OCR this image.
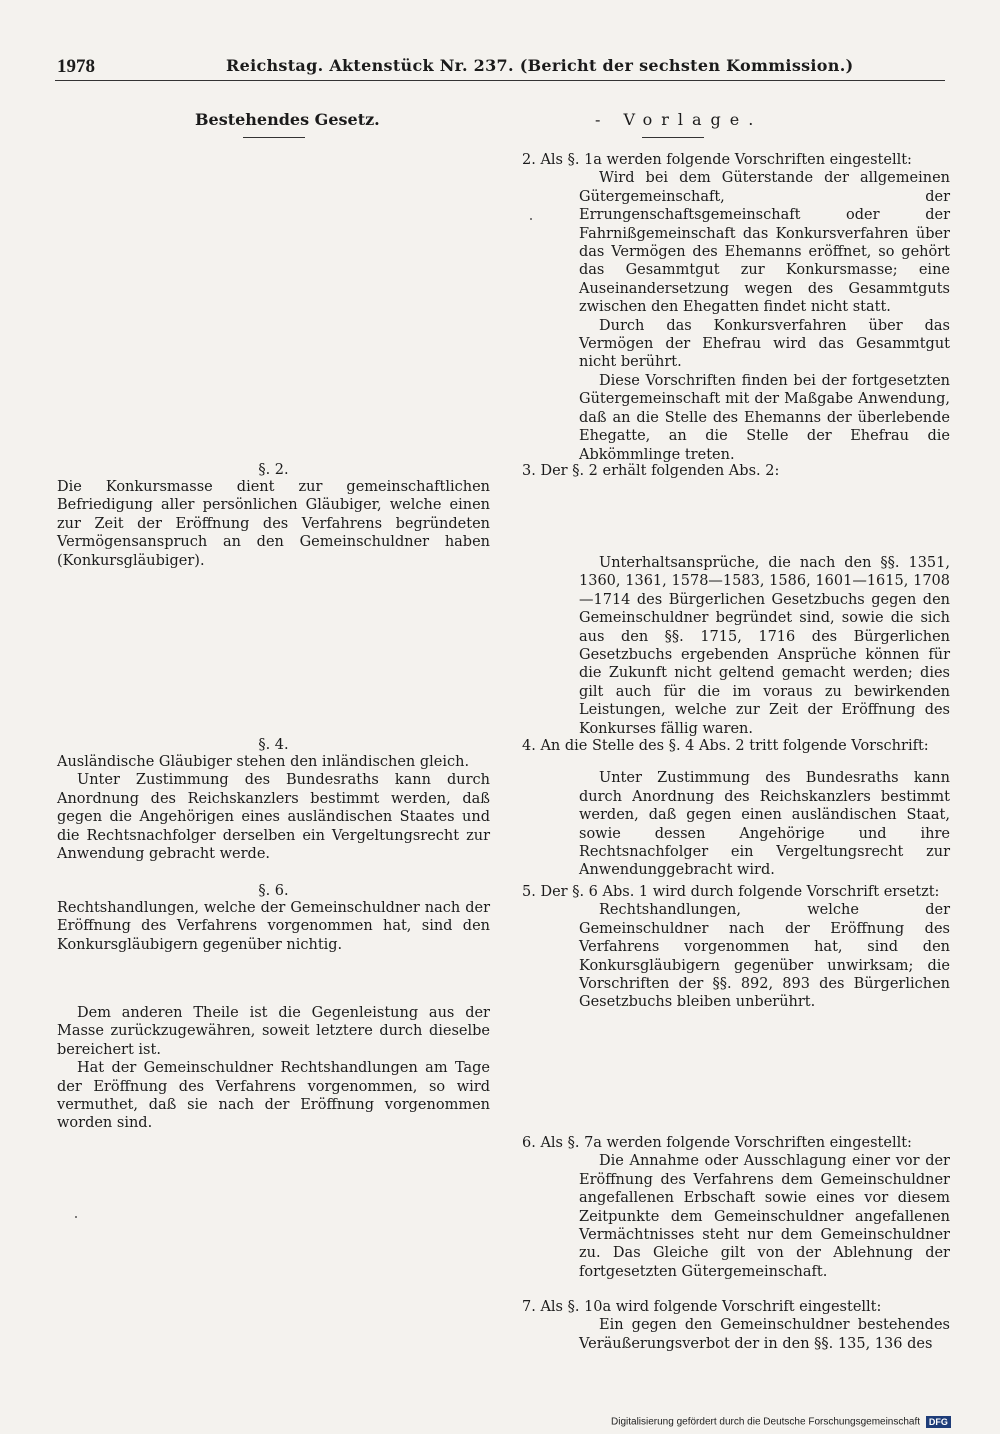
1978	Reichstag. Aktenstück Nr. 237. (Bericht der sechsten Kommission.)
Bestehendes Gesetz.	- Vorlage.
§. 2.

Die Konkursmasse dient zur gemeinschaftlichen Befriedigung aller persönlichen Gläubiger, welche einen zur Zeit der Eröffnung des Verfahrens begründeten Vermögensanspruch an den Gemeinschuldner haben (Konkursgläubiger).

§. 4.

Ausländische Gläubiger stehen den inländischen gleich.

Unter Zustimmung des Bundesraths kann durch Anordnung des Reichskanzlers bestimmt werden, daß gegen die Angehörigen eines ausländischen Staates und die Rechtsnachfolger derselben ein Vergeltungsrecht zur Anwendung gebracht werde.

§. 6.

Rechtshandlungen, welche der Gemeinschuldner nach der Eröffnung des Verfahrens vorgenommen hat, sind den Konkursgläubigern gegenüber nichtig.

Dem anderen Theile ist die Gegenleistung aus der Masse zurückzugewähren, soweit letztere durch dieselbe bereichert ist.

Hat der Gemeinschuldner Rechtshandlungen am Tage der Eröffnung des Verfahrens vorgenommen, so wird vermuthet, daß sie nach der Eröffnung vorgenommen worden sind.

2. Als §. 1a werden folgende Vorschriften eingestellt:

Wird bei dem Güterstande der allgemeinen Gütergemeinschaft, der Errungenschaftsgemeinschaft oder der Fahrnißgemeinschaft das Konkursverfahren über das Vermögen des Ehemanns eröffnet, so gehört das Gesammtgut zur Konkursmasse; eine Auseinandersetzung wegen des Gesammtguts zwischen den Ehegatten findet nicht statt.

Durch das Konkursverfahren über das Vermögen der Ehefrau wird das Gesammtgut nicht berührt.

Diese Vorschriften finden bei der fortgesetzten Gütergemeinschaft mit der Maßgabe Anwendung, daß an die Stelle des Ehemanns der überlebende Ehegatte, an die Stelle der Ehefrau die Abkömmlinge treten.

3. Der §. 2 erhält folgenden Abs. 2:

Unterhaltsansprüche, die nach den §§. 1351, 1360, 1361, 1578—1583, 1586, 1601—1615, 1708—1714 des Bürgerlichen Gesetzbuchs gegen den Gemeinschuldner begründet sind, sowie die sich aus den §§. 1715, 1716 des Bürgerlichen Gesetzbuchs ergebenden Ansprüche können für die Zukunft nicht geltend gemacht werden; dies gilt auch für die im voraus zu bewirkenden Leistungen, welche zur Zeit der Eröffnung des Konkurses fällig waren.

4. An die Stelle des §. 4 Abs. 2 tritt folgende Vorschrift:

Unter Zustimmung des Bundesraths kann durch Anordnung des Reichskanzlers bestimmt werden, daß gegen einen ausländischen Staat, sowie dessen Angehörige und ihre Rechtsnachfolger ein Vergeltungsrecht zur Anwendunggebracht wird.

5. Der §. 6 Abs. 1 wird durch folgende Vorschrift ersetzt:

Rechtshandlungen, welche der Gemeinschuldner nach der Eröffnung des Verfahrens vorgenommen hat, sind den Konkursgläubigern gegenüber unwirksam; die Vorschriften der §§. 892, 893 des Bürgerlichen Gesetzbuchs bleiben unberührt.

6. Als §. 7a werden folgende Vorschriften eingestellt:

Die Annahme oder Ausschlagung einer vor der Eröffnung des Verfahrens dem Gemeinschuldner angefallenen Erbschaft sowie eines vor diesem Zeitpunkte dem Gemeinschuldner angefallenen Vermächtnisses steht nur dem Gemeinschuldner zu. Das Gleiche gilt von der Ablehnung der fortgesetzten Gütergemeinschaft.

7. Als §. 10a wird folgende Vorschrift eingestellt:

Ein gegen den Gemeinschuldner bestehendes Veräußerungsverbot der in den §§. 135, 136 des

Digitalisierung gefördert durch die Deutsche Forschungsgemeinschaft DFG
